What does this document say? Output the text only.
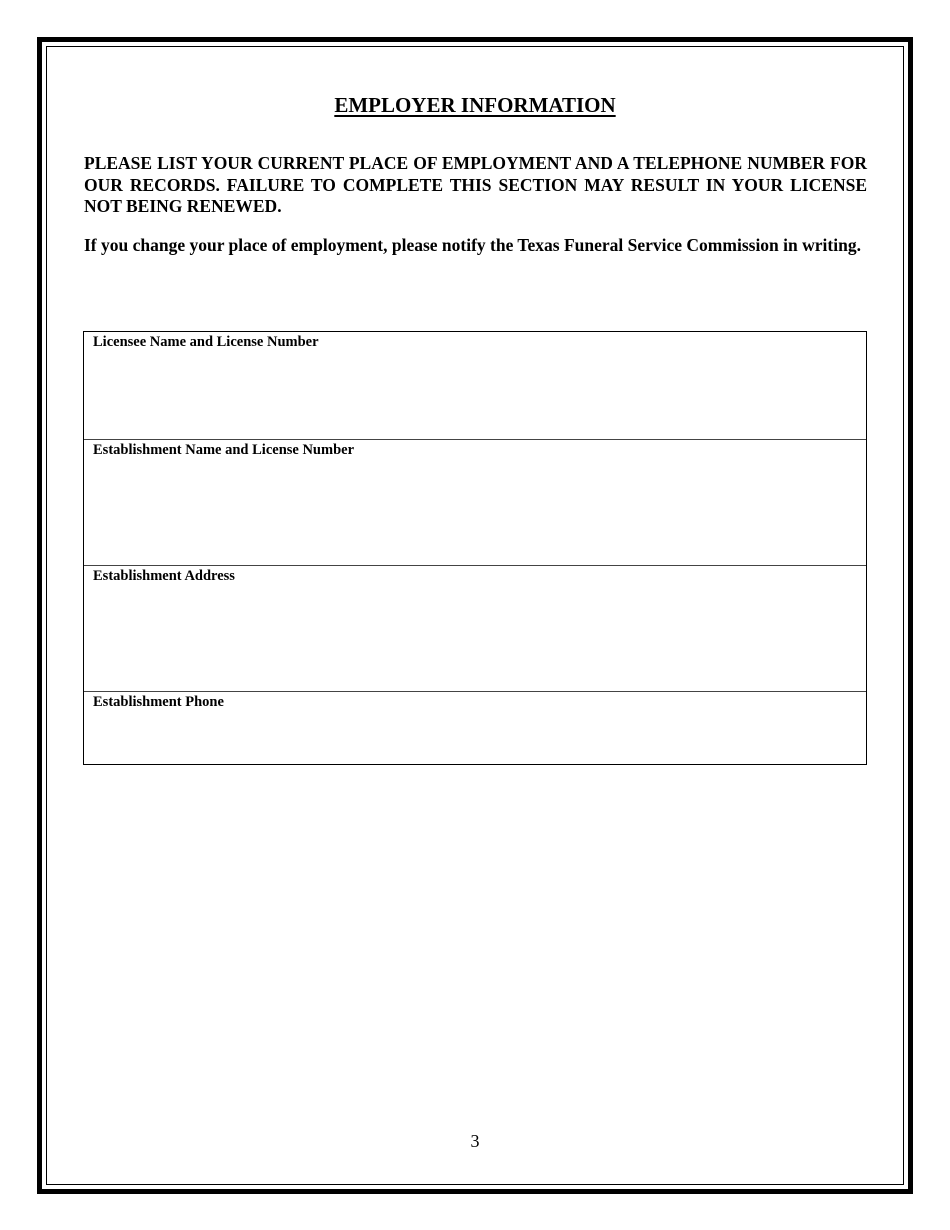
EMPLOYER INFORMATION
PLEASE LIST YOUR CURRENT PLACE OF EMPLOYMENT AND A TELEPHONE NUMBER FOR OUR RECORDS. FAILURE TO COMPLETE THIS SECTION MAY RESULT IN YOUR LICENSE NOT BEING RENEWED.
If you change your place of employment, please notify the Texas Funeral Service Commission in writing.
Licensee Name and License Number
Establishment Name and License Number
Establishment Address
Establishment Phone
3
